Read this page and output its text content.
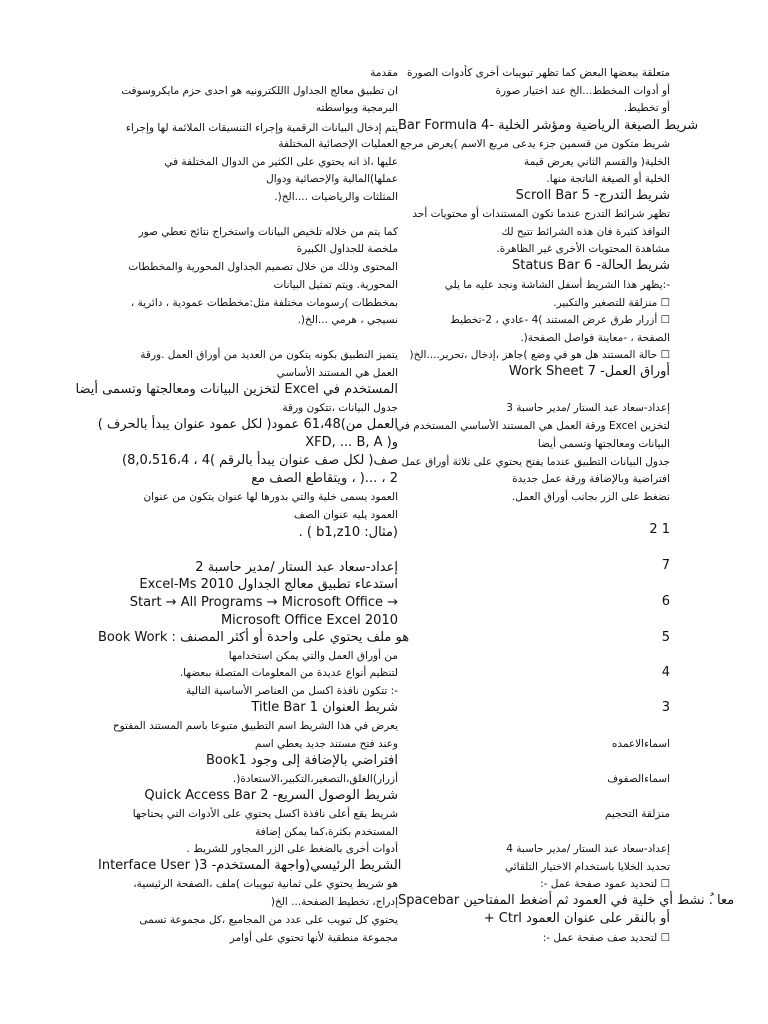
مقدمة
ان تطبيق معالج الجداول االلكترونيه هو احدى حزم مايكروسوفت
البرمجية وبواسطته
يتم إدخال البيانات الرقمية وإجراء التنسيقات الملائمة لها وإجراء
العمليات الإحصائية المختلفة
عليها ،اذ انه يحتوي على الكثير من الدوال المختلفة في
عملها)المالية والإحصائية ودوال
المثلثات والرياضيات ....الخ(.
كما يتم من خلاله تلخيص البيانات واستخراج نتائج تعطي صور
ملخصة للجداول الكبيرة
المحتوى وذلك من خلال تصميم الجداول المحورية والمخططات
المحورية. ويتم تمثيل البيانات
بمخططات )رسومات مختلفة مثل:مخططات عمودية ، دائرية ،
نسيجي ، هرمي ...الخ(.
يتميز التطبيق بكونه يتكون من العديد من أوراق العمل .ورقة
العمل هي المستند الأساسي
المستخدم في Excel لتخزين البيانات ومعالجتها وتسمى أيضا
جدول البيانات ،تتكون ورقة
العمل من)61،48 عمود( لكل عمود عنوان يبدأ بالحرف )
و( XFD, ... B, A
صف( لكل صف عنوان يبدأ بالرقم )4 ، 8,0،516،4)
2 ، ...( ، ويتقاطع الصف مع
العمود يسمى خلية والتي بدورها لها عنوان يتكون من عنوان
العمود يليه عنوان الصف
(مثال: b1,z10 ) .
إعداد-سعاد عبد الستار /مدير حاسبة 2
Excel-Ms استدعاء تطبيق معالج الجداول 2010
Start → All Programs → Microsoft Office →
Microsoft Office Excel 2010
Book Work : هو ملف يحتوي على واحدة أو أكثر المصنف
من أوراق العمل والتي يمكن استخدامها
لتنظيم أنواع عديدة من المعلومات المتصلة ببعضها.
-: تتكون نافذة اكسل من العناصر الأساسية التالية
Title Bar 1 شريط العنوان
يعرض في هذا الشريط اسم التطبيق متبوعا باسم المستند المفتوح
وعند فتح مستند جديد يعطي اسم
Book1 افتراضي بالإضافة إلى وجود
أزرار)الغلق،التصغير،التكبير،الاستعادة(.
Quick Access Bar 2 -شريط الوصول السريع
شريط يقع أعلى نافذة اكسل يحتوي على الأدوات التي يحتاجها
المستخدم بكثرة،كما يمكن إضافة
أدوات أخرى بالضغط على الزر المجاور للشريط .
Interface User )الشريط الرئيسي(واجهة المستخدم- 3
هو شريط يحتوي على ثمانية تبويبات )ملف ،الصفحة الرئيسية،
إدراج، تخطيط الصفحة... الخ(
يحتوي كل تبويب على عدد من المجاميع ،كل مجموعة تسمى
مجموعة منطقية لأنها تحتوي على أوامر
متعلقة ببعضها البعض كما تظهر تبويبات أخرى كأدوات الصورة
أو أدوات المخطط...الخ عند اختيار صورة
أو تخطيط.
Bar Formula 4- شريط الصيغة الرياضية ومؤشر الخلية
شريط متكون من قسمين جزء يدعى مربع الاسم )يعرض مرجع
الخلية( والقسم الثاني يعرض قيمة
الخلية أو الصيغة الناتجة منها.
Scroll Bar 5 -شريط التدرج
تظهر شرائط التدرج عندما تكون المستندات أو محتويات أحد
النوافذ كثيرة فان هذه الشرائط تتيح لك
مشاهدة المحتويات الأخرى غير الظاهرة.
Status Bar 6 -شريط الحالة
-:يظهر هذا الشريط أسفل الشاشة ونجد عليه ما يلي
☐ منزلقة للتصغير والتكبير.
☐ أزرار طرق عرض المستند )4 -عادي ، 2-تخطيط
الصفحة ، -معاينة فواصل الصفحة(.
☐ حالة المستند هل هو في وضع )جاهز ،إدخال ،تحرير....الخ(
Work Sheet 7 -أوراق العمل
إعداد-سعاد عبد الستار /مدير حاسبة 3
لتخزين Excel ورقة العمل هي المستند الأساسي المستخدم في
البيانات ومعالجتها وتسمى أيضا
جدول البيانات التطبيق عندما يفتح يحتوي على ثلاثة أوراق عمل
افتراضية وبالإضافة ورقة عمل جديدة
نضغط على الزر بجانب أوراق العمل.
2 1
7
6
5
4
3
اسماءالاعمده
اسماءالصفوف
منزلقة التحجيم
إعداد-سعاد عبد الستار /مدير حاسبة 4
تحديد الخلايا باستخدام الاختيار التلقائي
☐ لتحديد عمود صفحة عمل -:
Spacebar معا .ُ نشط أي خلية في العمود ثم أضغط المفتاحين
+ Ctrl أو بالنقر على عنوان العمود
☐ لتحديد صف صفحة عمل -:
